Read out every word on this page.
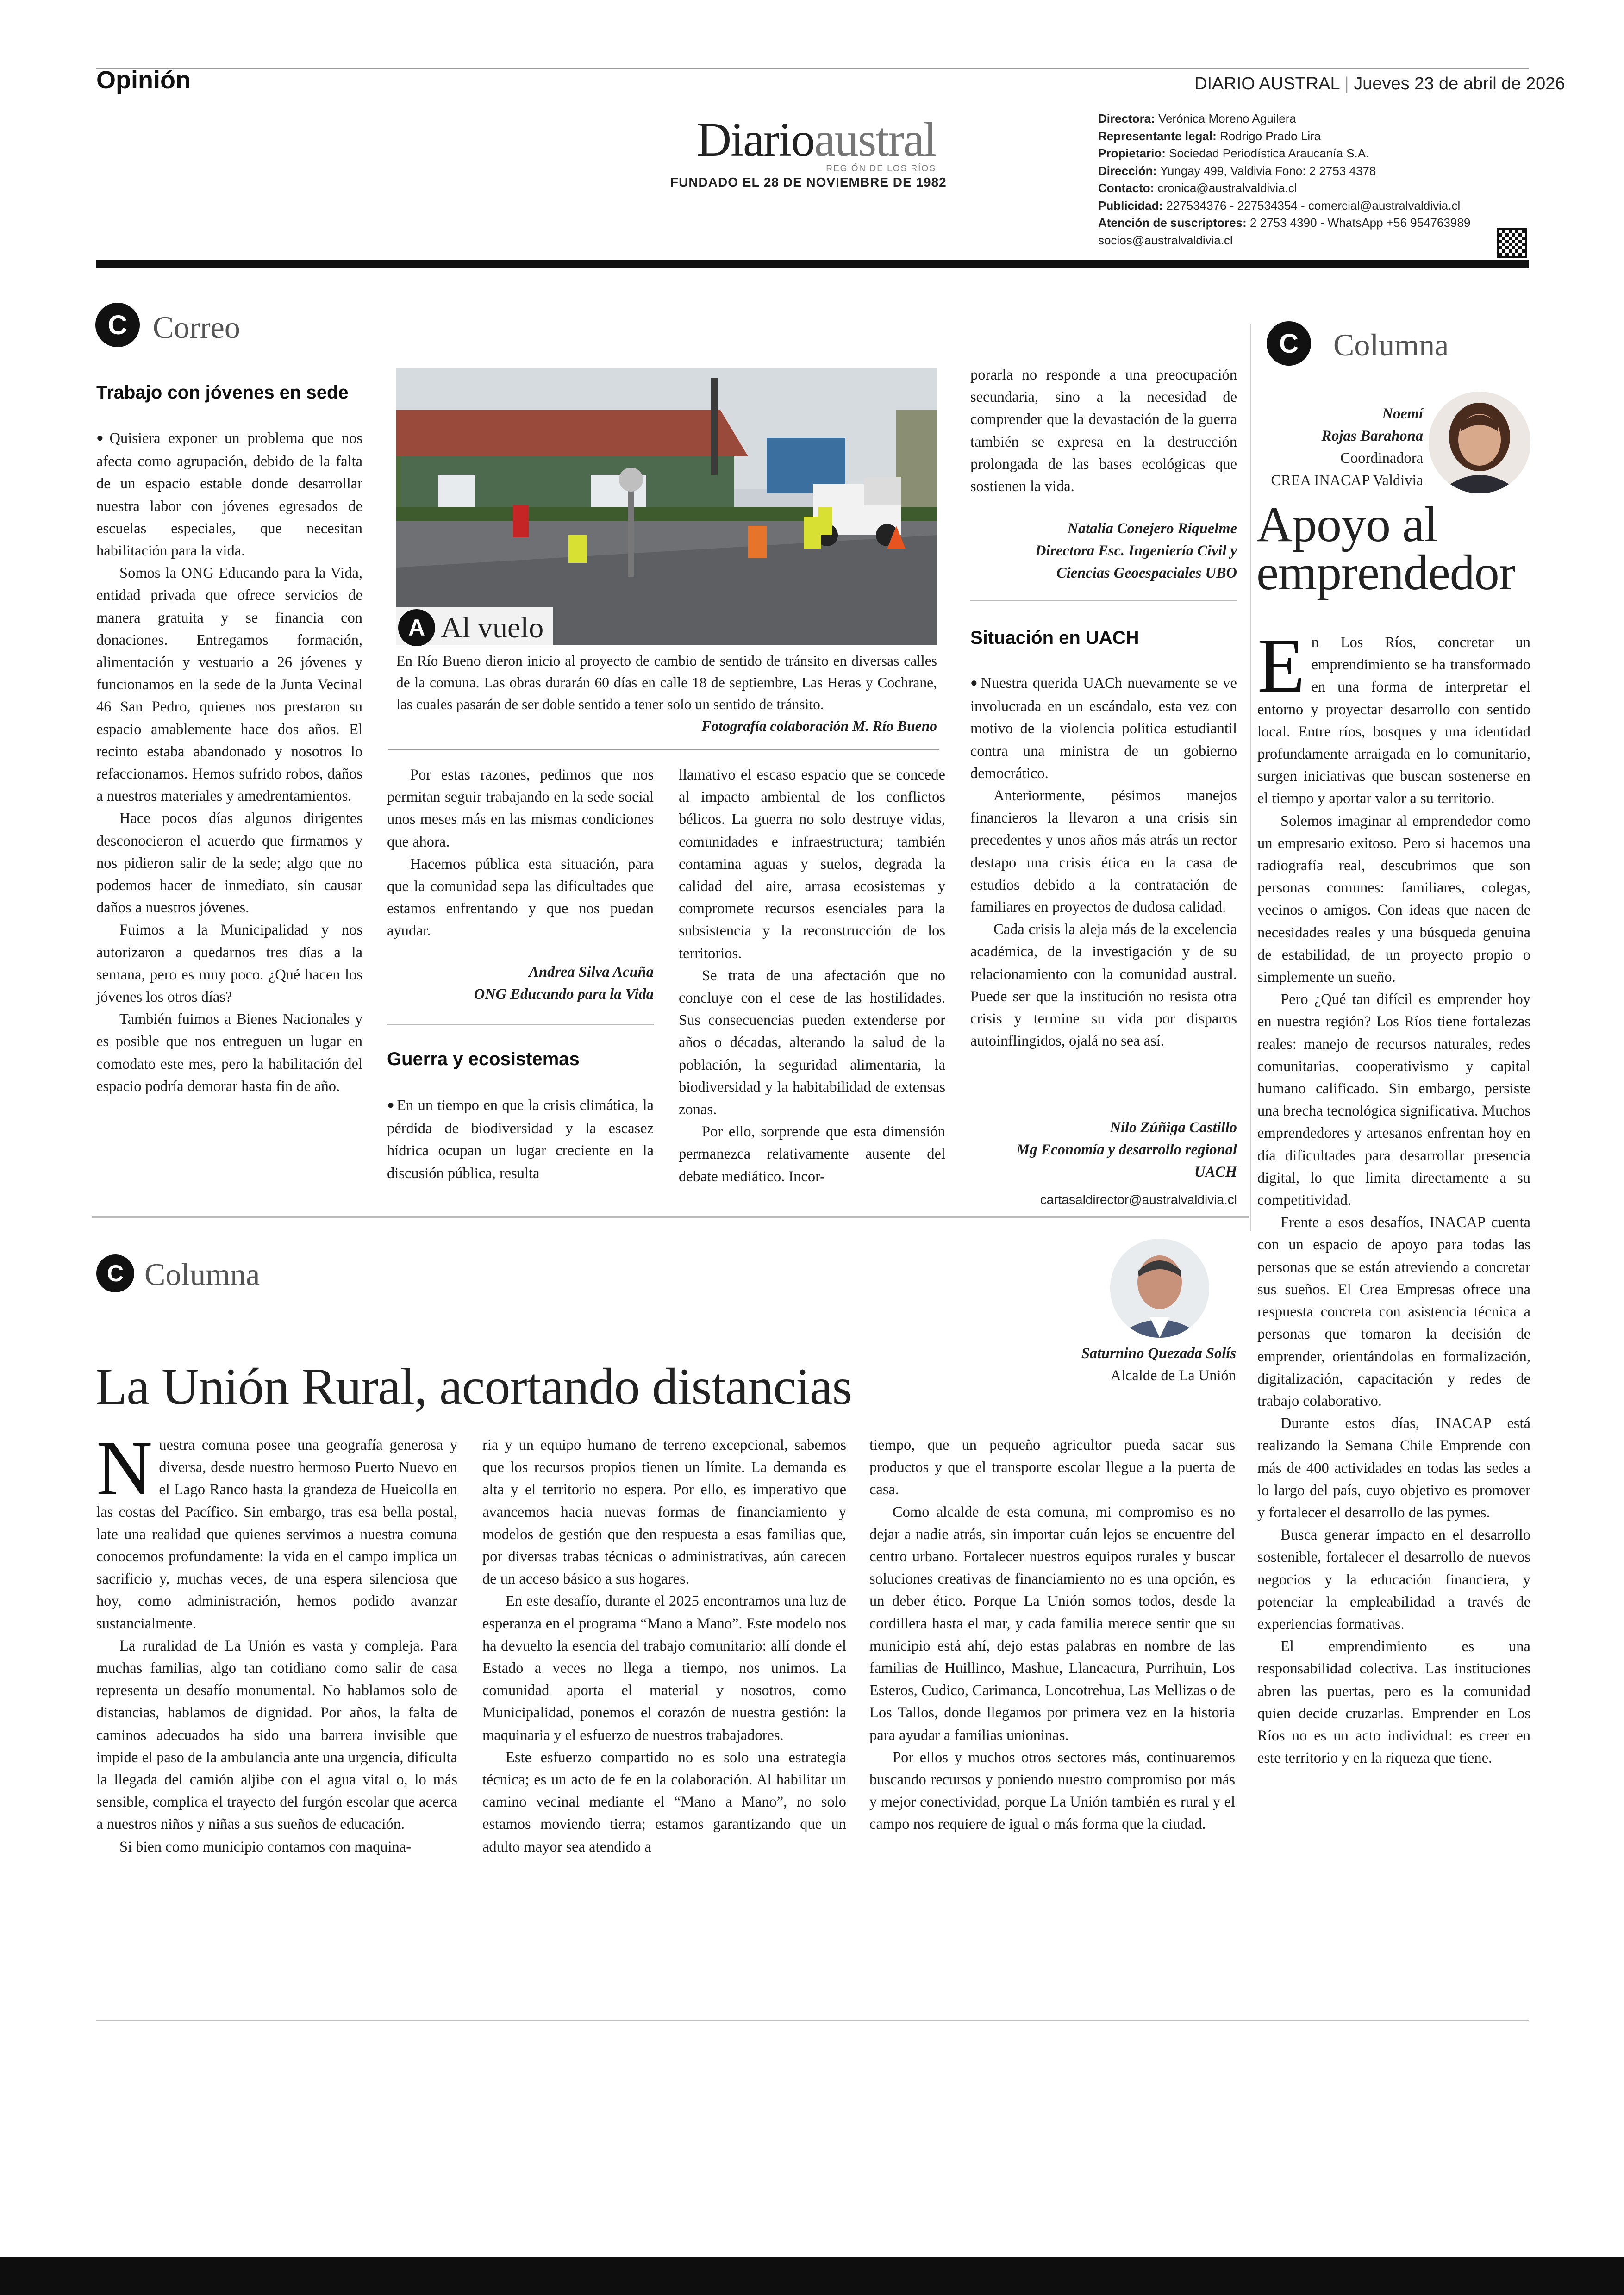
Opinión	DIARIO AUSTRAL | Jueves 23 de abril de 2026
Diarioaustral
REGIÓN DE LOS RÍOS
FUNDADO EL 28 DE NOVIEMBRE DE 1982
Directora: Verónica Moreno Aguilera
Representante legal: Rodrigo Prado Lira
Propietario: Sociedad Periodística Araucanía S.A.
Dirección: Yungay 499, Valdivia Fono: 2 2753 4378
Contacto: cronica@australvaldivia.cl
Publicidad: 227534376 - 227534354 - comercial@australvaldivia.cl
Atención de suscriptores: 2 2753 4390 - WhatsApp +56 954763989
socios@australvaldivia.cl
C Correo
Trabajo con jóvenes en sede

● Quisiera exponer un problema que nos afecta como agrupación, debido de la falta de un espacio estable donde desarrollar nuestra labor con jóvenes egresados de escuelas especiales, que necesitan habilitación para la vida.

Somos la ONG Educando para la Vida, entidad privada que ofrece servicios de manera gratuita y se financia con donaciones. Entregamos formación, alimentación y vestuario a 26 jóvenes y funcionamos en la sede de la Junta Vecinal 46 San Pedro, quienes nos prestaron su espacio amablemente hace dos años. El recinto estaba abandonado y nosotros lo refaccionamos. Hemos sufrido robos, daños a nuestros materiales y amedrentamientos.

Hace pocos días algunos dirigentes desconocieron el acuerdo que firmamos y nos pidieron salir de la sede; algo que no podemos hacer de inmediato, sin causar daños a nuestros jóvenes.

Fuimos a la Municipalidad y nos autorizaron a quedarnos tres días a la semana, pero es muy poco. ¿Qué hacen los jóvenes los otros días?

También fuimos a Bienes Nacionales y es posible que nos entreguen un lugar en comodato este mes, pero la habilitación del espacio podría demorar hasta fin de año.

A Al vuelo
En Río Bueno dieron inicio al proyecto de cambio de sentido de tránsito en diversas calles de la comuna. Las obras durarán 60 días en calle 18 de septiembre, Las Heras y Cochrane, las cuales pasarán de ser doble sentido a tener solo un sentido de tránsito.
Fotografía colaboración M. Río Bueno

Por estas razones, pedimos que nos permitan seguir trabajando en la sede social unos meses más en las mismas condiciones que ahora.

Hacemos pública esta situación, para que la comunidad sepa las dificultades que estamos enfrentando y que nos puedan ayudar.

Andrea Silva Acuña
ONG Educando para la Vida
Guerra y ecosistemas

● En un tiempo en que la crisis climática, la pérdida de biodiversidad y la escasez hídrica ocupan un lugar creciente en la discusión pública, resulta

llamativo el escaso espacio que se concede al impacto ambiental de los conflictos bélicos. La guerra no solo destruye vidas, comunidades e infraestructura; también contamina aguas y suelos, degrada la calidad del aire, arrasa ecosistemas y compromete recursos esenciales para la subsistencia y la reconstrucción de los territorios.

Se trata de una afectación que no concluye con el cese de las hostilidades. Sus consecuencias pueden extenderse por años o décadas, alterando la salud de la población, la seguridad alimentaria, la biodiversidad y la habitabilidad de extensas zonas.

Por ello, sorprende que esta dimensión permanezca relativamente ausente del debate mediático. Incor-

porarla no responde a una preocupación secundaria, sino a la necesidad de comprender que la devastación de la guerra también se expresa en la destrucción prolongada de las bases ecológicas que sostienen la vida.

Natalia Conejero Riquelme
Directora Esc. Ingeniería Civil y
Ciencias Geoespaciales UBO
Situación en UACH

● Nuestra querida UACh nuevamente se ve involucrada en un escándalo, esta vez con motivo de la violencia política estudiantil contra una ministra de un gobierno democrático.

Anteriormente, pésimos manejos financieros la llevaron a una crisis sin precedentes y unos años más atrás un rector destapo una crisis ética en la casa de estudios debido a la contratación de familiares en proyectos de dudosa calidad.

Cada crisis la aleja más de la excelencia académica, de la investigación y de su relacionamiento con la comunidad austral. Puede ser que la institución no resista otra crisis y termine su vida por disparos autoinflingidos, ojalá no sea así.

Nilo Zúñiga Castillo
Mg Economía y desarrollo regional
UACH
cartasaldirector@australvaldivia.cl
C	Columna
Noemí
Rojas Barahona
Coordinadora
CREA INACAP Valdivia
Apoyo al
emprendedor
E n Los Ríos, concretar un emprendimiento se ha transformado en una forma de interpretar el entorno y proyectar desarrollo con sentido local. Entre ríos, bosques y una identidad profundamente arraigada en lo comunitario, surgen iniciativas que buscan sostenerse en el tiempo y aportar valor a su territorio.

Solemos imaginar al emprendedor como un empresario exitoso. Pero si hacemos una radiografía real, descubrimos que son personas comunes: familiares, colegas, vecinos o amigos. Con ideas que nacen de necesidades reales y una búsqueda genuina de estabilidad, de un proyecto propio o simplemente un sueño.

Pero ¿Qué tan difícil es emprender hoy en nuestra región? Los Ríos tiene fortalezas reales: manejo de recursos naturales, redes comunitarias, cooperativismo y capital humano calificado. Sin embargo, persiste una brecha tecnológica significativa. Muchos emprendedores y artesanos enfrentan hoy en día dificultades para desarrollar presencia digital, lo que limita directamente a su competitividad.

Frente a esos desafíos, INACAP cuenta con un espacio de apoyo para todas las personas que se están atreviendo a concretar sus sueños. El Crea Empresas ofrece una respuesta concreta con asistencia técnica a personas que tomaron la decisión de emprender, orientándolas en formalización, digitalización, capacitación y redes de trabajo colaborativo.

Durante estos días, INACAP está realizando la Semana Chile Emprende con más de 400 actividades en todas las sedes a lo largo del país, cuyo objetivo es promover y fortalecer el desarrollo de las pymes.

Busca generar impacto en el desarrollo sostenible, fortalecer el desarrollo de nuevos negocios y la educación financiera, y potenciar la empleabilidad a través de experiencias formativas.

El emprendimiento es una responsabilidad colectiva. Las instituciones abren las puertas, pero es la comunidad quien decide cruzarlas. Emprender en Los Ríos no es un acto individual: es creer en este territorio y en la riqueza que tiene.

C Columna
Saturnino Quezada Solís
Alcalde de La Unión
La Unión Rural, acortando distancias
N uestra comuna posee una geografía generosa y diversa, desde nuestro hermoso Puerto Nuevo en el Lago Ranco hasta la grandeza de Hueicolla en las costas del Pacífico. Sin embargo, tras esa bella postal, late una realidad que quienes servimos a nuestra comuna conocemos profundamente: la vida en el campo implica un sacrificio y, muchas veces, de una espera silenciosa que hoy, como administración, hemos podido avanzar sustancialmente.

La ruralidad de La Unión es vasta y compleja. Para muchas familias, algo tan cotidiano como salir de casa representa un desafío monumental. No hablamos solo de distancias, hablamos de dignidad. Por años, la falta de caminos adecuados ha sido una barrera invisible que impide el paso de la ambulancia ante una urgencia, dificulta la llegada del camión aljibe con el agua vital o, lo más sensible, complica el trayecto del furgón escolar que acerca a nuestros niños y niñas a sus sueños de educación.

Si bien como municipio contamos con maquina-

ria y un equipo humano de terreno excepcional, sabemos que los recursos propios tienen un límite. La demanda es alta y el territorio no espera. Por ello, es imperativo que avancemos hacia nuevas formas de financiamiento y modelos de gestión que den respuesta a esas familias que, por diversas trabas técnicas o administrativas, aún carecen de un acceso básico a sus hogares.

En este desafío, durante el 2025 encontramos una luz de esperanza en el programa “Mano a Mano”. Este modelo nos ha devuelto la esencia del trabajo comunitario: allí donde el Estado a veces no llega a tiempo, nos unimos. La comunidad aporta el material y nosotros, como Municipalidad, ponemos el corazón de nuestra gestión: la maquinaria y el esfuerzo de nuestros trabajadores.

Este esfuerzo compartido no es solo una estrategia técnica; es un acto de fe en la colaboración. Al habilitar un camino vecinal mediante el “Mano a Mano”, no solo estamos moviendo tierra; estamos garantizando que un adulto mayor sea atendido a

tiempo, que un pequeño agricultor pueda sacar sus productos y que el transporte escolar llegue a la puerta de casa.

Como alcalde de esta comuna, mi compromiso es no dejar a nadie atrás, sin importar cuán lejos se encuentre del centro urbano. Fortalecer nuestros equipos rurales y buscar soluciones creativas de financiamiento no es una opción, es un deber ético. Porque La Unión somos todos, desde la cordillera hasta el mar, y cada familia merece sentir que su municipio está ahí, dejo estas palabras en nombre de las familias de Huillinco, Mashue, Llancacura, Purrihuin, Los Esteros, Cudico, Carimanca, Loncotrehua, Las Mellizas o de Los Tallos, donde llegamos por primera vez en la historia para ayudar a familias unioninas.

Por ellos y muchos otros sectores más, continuaremos buscando recursos y poniendo nuestro compromiso por más y mejor conectividad, porque La Unión también es rural y el campo nos requiere de igual o más forma que la ciudad.
